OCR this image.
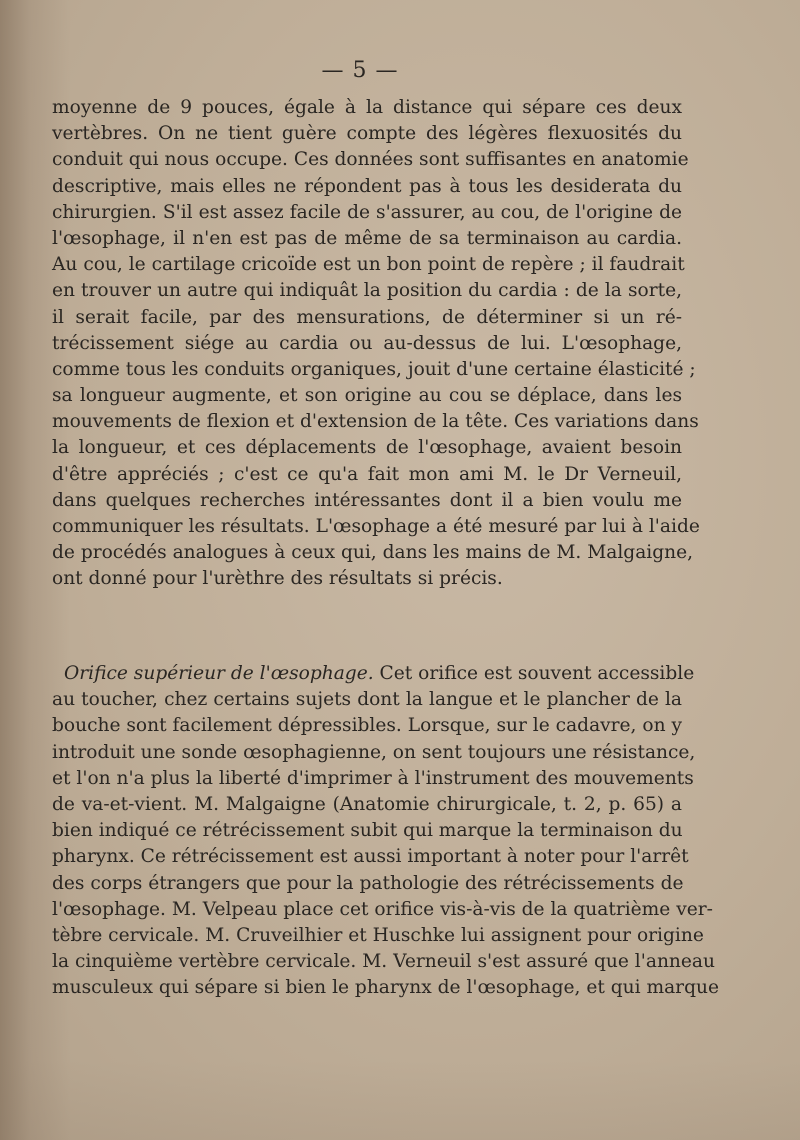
— 5 —
moyenne de 9 pouces, égale à la distance qui sépare ces deux
vertèbres. On ne tient guère compte des légères flexuosités du
conduit qui nous occupe. Ces données sont suffisantes en anatomie
descriptive, mais elles ne répondent pas à tous les desiderata du
chirurgien. S'il est assez facile de s'assurer, au cou, de l'origine de
l'œsophage, il n'en est pas de même de sa terminaison au cardia.
Au cou, le cartilage cricoïde est un bon point de repère ; il faudrait
en trouver un autre qui indiquât la position du cardia : de la sorte,
il serait facile, par des mensurations, de déterminer si un ré-
trécissement siége au cardia ou au-dessus de lui. L'œsophage,
comme tous les conduits organiques, jouit d'une certaine élasticité ;
sa longueur augmente, et son origine au cou se déplace, dans les
mouvements de flexion et d'extension de la tête. Ces variations dans
la longueur, et ces déplacements de l'œsophage, avaient besoin
d'être appréciés ; c'est ce qu'a fait mon ami M. le Dr Verneuil,
dans quelques recherches intéressantes dont il a bien voulu me
communiquer les résultats. L'œsophage a été mesuré par lui à l'aide
de procédés analogues à ceux qui, dans les mains de M. Malgaigne,
ont donné pour l'urèthre des résultats si précis.
Orifice supérieur de l'œsophage. Cet orifice est souvent accessible
au toucher, chez certains sujets dont la langue et le plancher de la
bouche sont facilement dépressibles. Lorsque, sur le cadavre, on y
introduit une sonde œsophagienne, on sent toujours une résistance,
et l'on n'a plus la liberté d'imprimer à l'instrument des mouvements
de va-et-vient. M. Malgaigne (Anatomie chirurgicale, t. 2, p. 65) a
bien indiqué ce rétrécissement subit qui marque la terminaison du
pharynx. Ce rétrécissement est aussi important à noter pour l'arrêt
des corps étrangers que pour la pathologie des rétrécissements de
l'œsophage. M. Velpeau place cet orifice vis-à-vis de la quatrième ver-
tèbre cervicale. M. Cruveilhier et Huschke lui assignent pour origine
la cinquième vertèbre cervicale. M. Verneuil s'est assuré que l'anneau
musculeux qui sépare si bien le pharynx de l'œsophage, et qui marque
